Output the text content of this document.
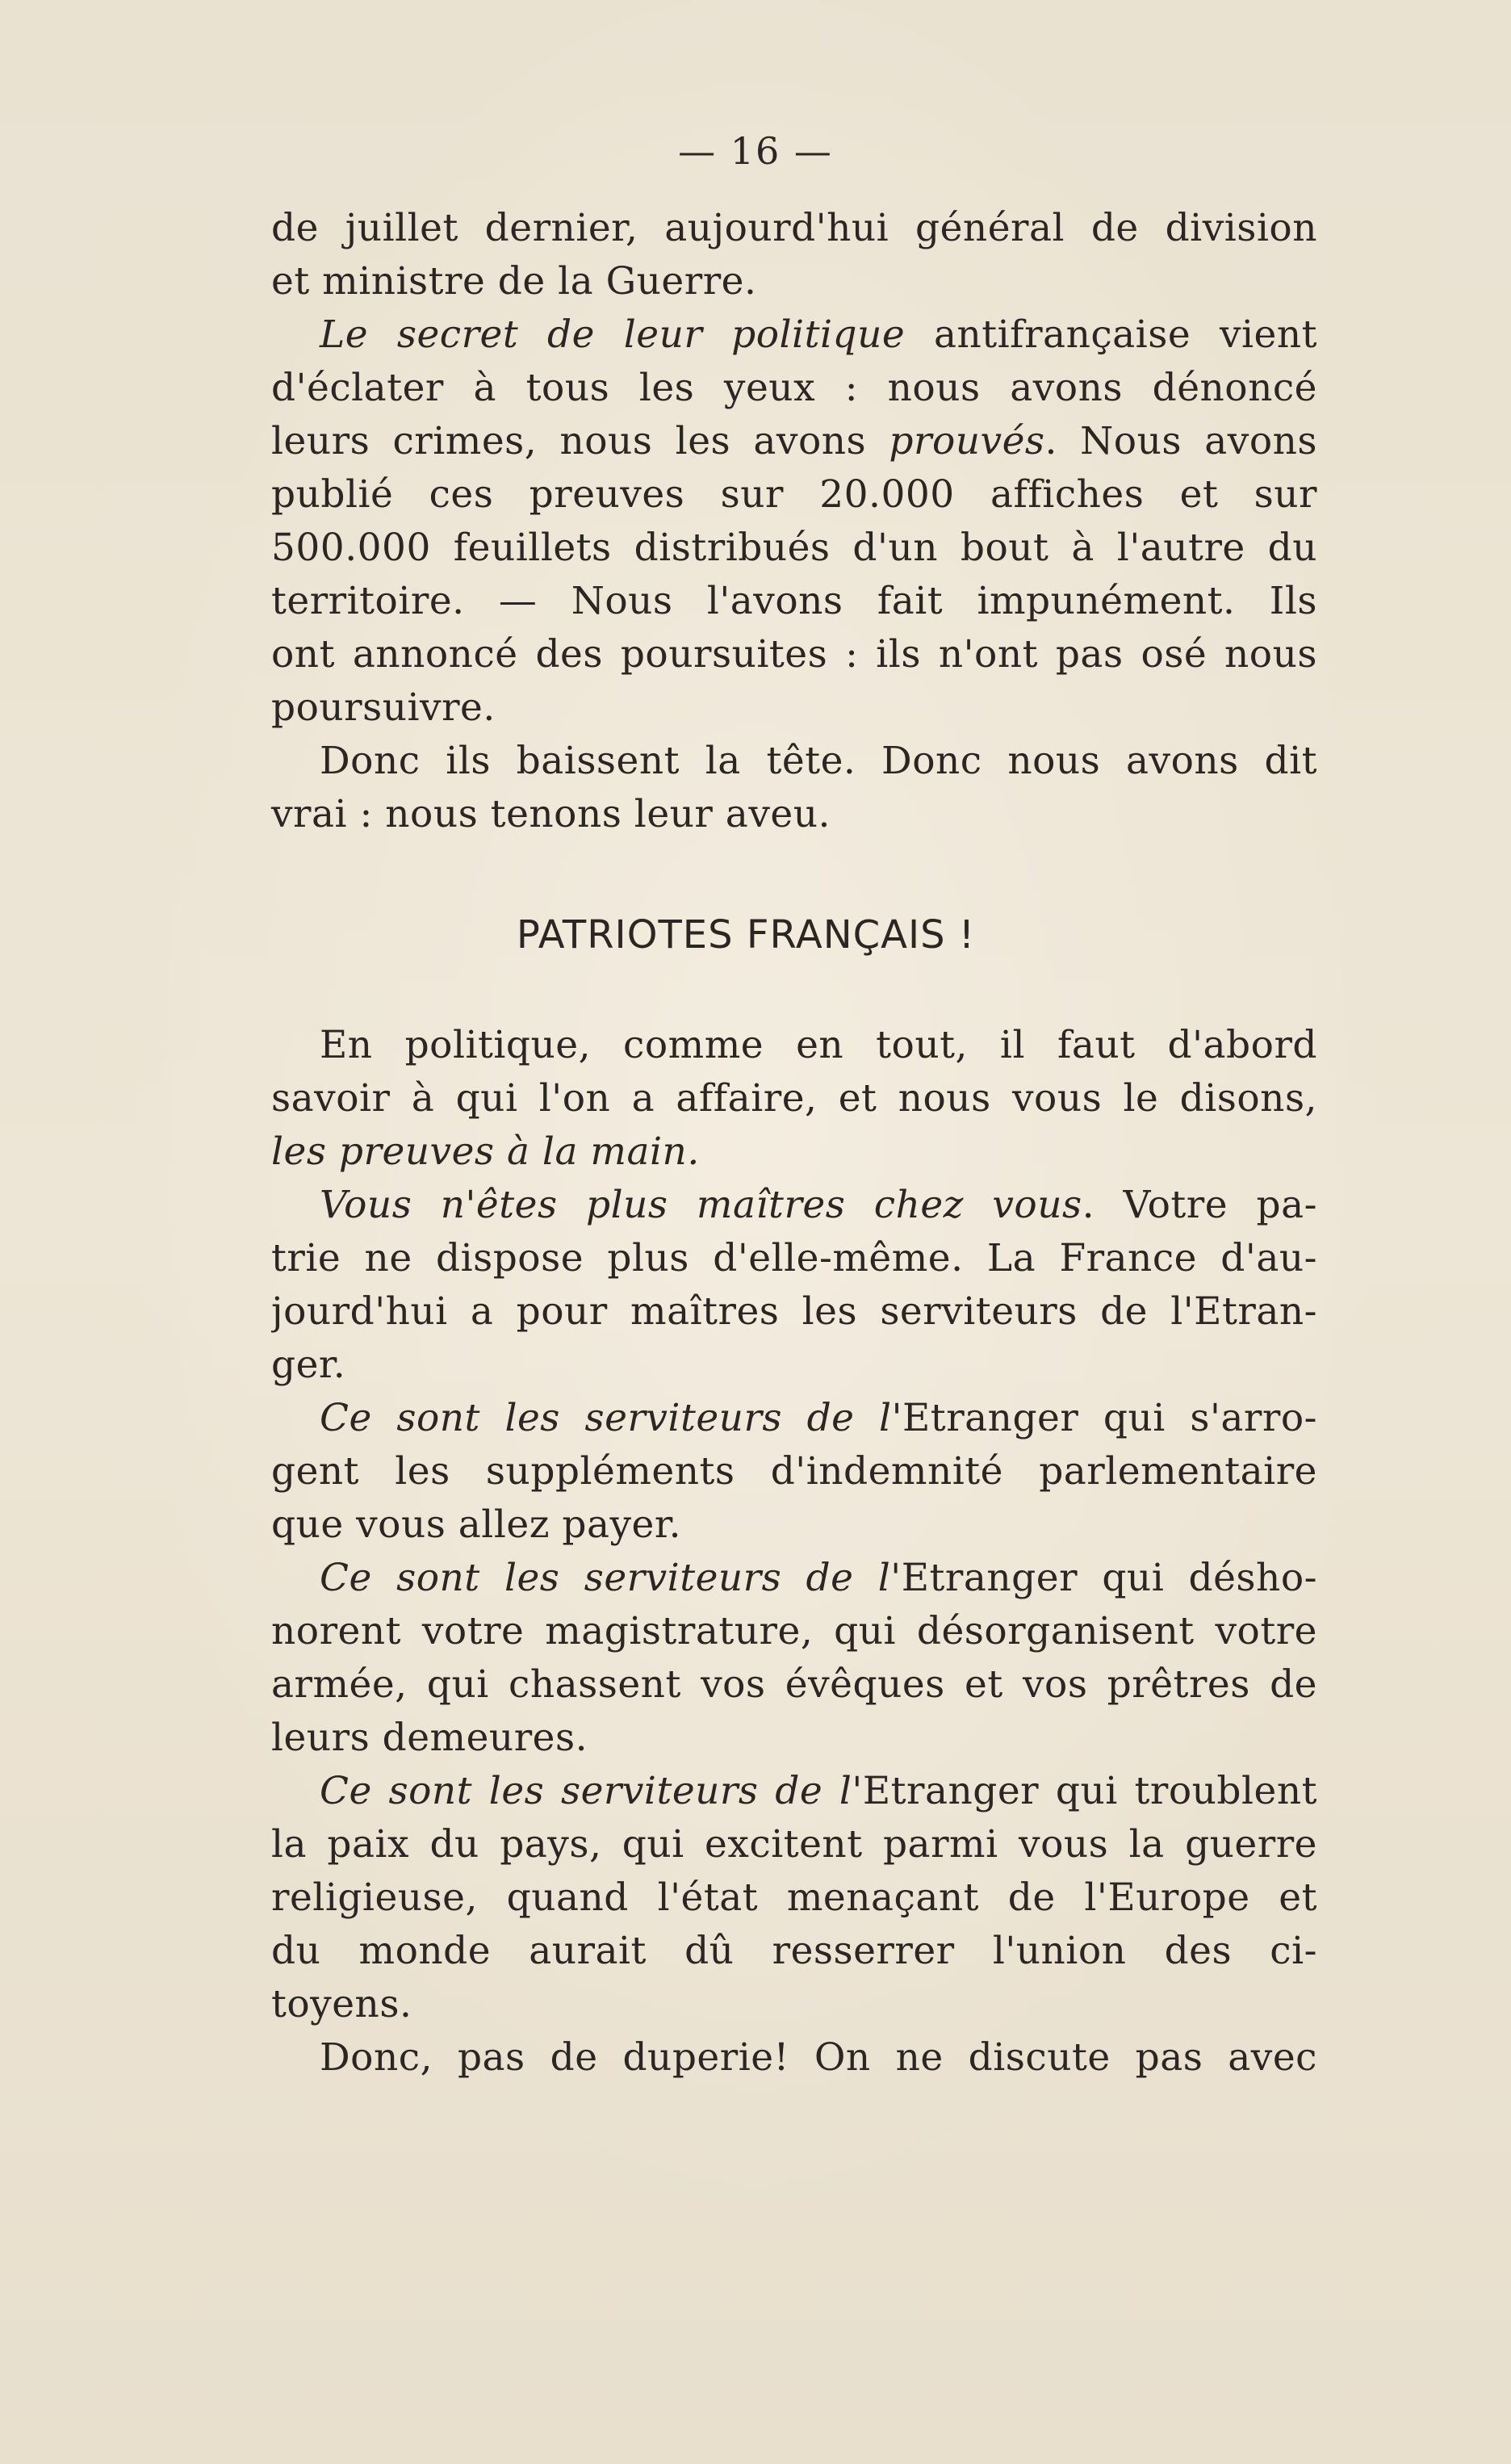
— 16 —
de juillet dernier, aujourd'hui général de division
et ministre de la Guerre.
Le secret de leur politique antifrançaise vient
d'éclater à tous les yeux : nous avons dénoncé
leurs crimes, nous les avons prouvés. Nous avons
publié ces preuves sur 20.000 affiches et sur
500.000 feuillets distribués d'un bout à l'autre du
territoire. — Nous l'avons fait impunément. Ils
ont annoncé des poursuites : ils n'ont pas osé nous
poursuivre.
Donc ils baissent la tête. Donc nous avons dit
vrai : nous tenons leur aveu.
PATRIOTES FRANÇAIS !
En politique, comme en tout, il faut d'abord
savoir à qui l'on a affaire, et nous vous le disons,
les preuves à la main.
Vous n'êtes plus maîtres chez vous. Votre pa-
trie ne dispose plus d'elle-même. La France d'au-
jourd'hui a pour maîtres les serviteurs de l'Etran-
ger.
Ce sont les serviteurs de l'Etranger qui s'arro-
gent les suppléments d'indemnité parlementaire
que vous allez payer.
Ce sont les serviteurs de l'Etranger qui désho-
norent votre magistrature, qui désorganisent votre
armée, qui chassent vos évêques et vos prêtres de
leurs demeures.
Ce sont les serviteurs de l'Etranger qui troublent
la paix du pays, qui excitent parmi vous la guerre
religieuse, quand l'état menaçant de l'Europe et
du monde aurait dû resserrer l'union des ci-
toyens.
Donc, pas de duperie! On ne discute pas avec
